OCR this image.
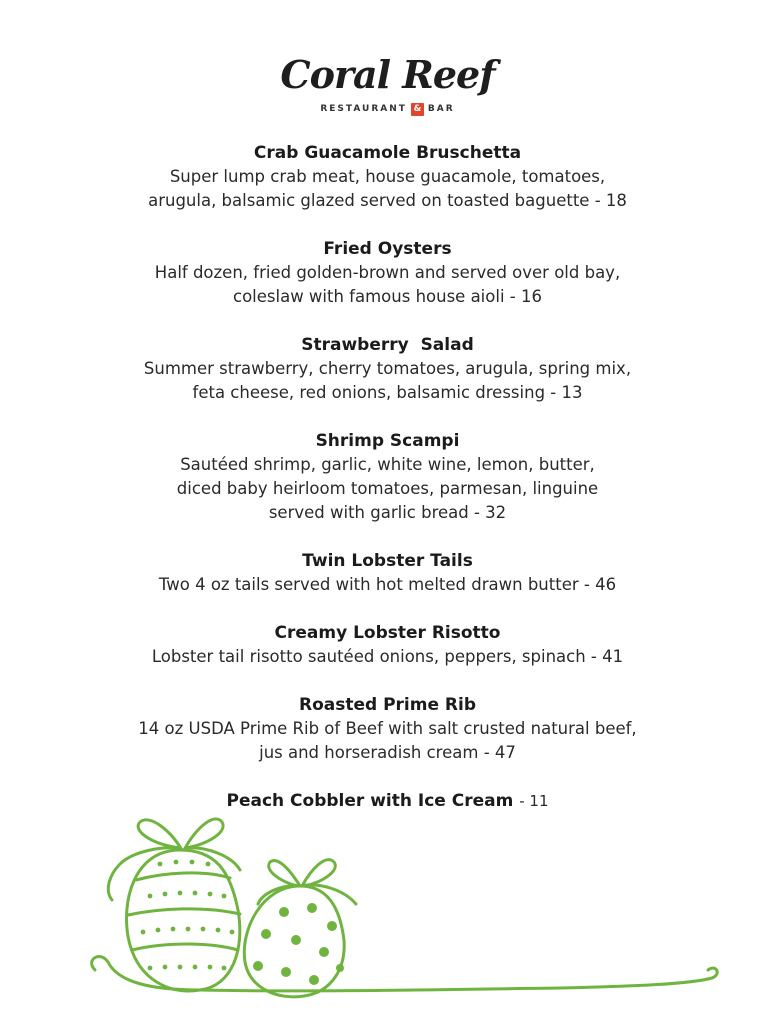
Coral Reef
RESTAURANT & BAR
Crab Guacamole Bruschetta
Super lump crab meat, house guacamole, tomatoes,
arugula, balsamic glazed served on toasted baguette - 18
Fried Oysters
Half dozen, fried golden-brown and served over old bay,
coleslaw with famous house aioli - 16
Strawberry  Salad
Summer strawberry, cherry tomatoes, arugula, spring mix,
feta cheese, red onions, balsamic dressing - 13
Shrimp Scampi
Sautéed shrimp, garlic, white wine, lemon, butter,
diced baby heirloom tomatoes, parmesan, linguine
served with garlic bread - 32
Twin Lobster Tails
Two 4 oz tails served with hot melted drawn butter - 46
Creamy Lobster Risotto
Lobster tail risotto sautéed onions, peppers, spinach - 41
Roasted Prime Rib
14 oz USDA Prime Rib of Beef with salt crusted natural beef,
jus and horseradish cream - 47
Peach Cobbler with Ice Cream - 11
